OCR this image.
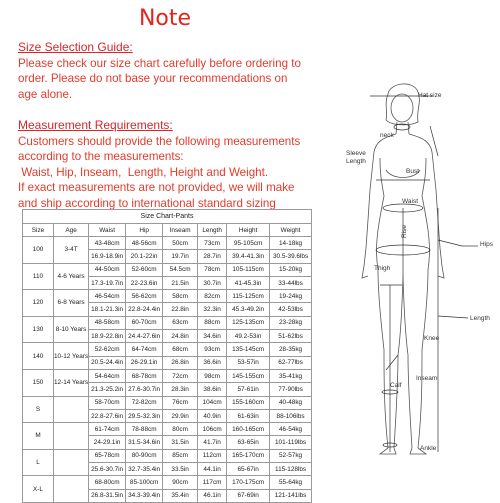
Note

Size Selection Guide:

Please check our size chart carefully before ordering to

order. Please do not base your recommendations on

age alone.

Measurement Requirements:

Customers should provide the following measurements

according to the measurements:

Waist, Hip, Inseam,  Length, Height and Weight.

If exact measurements are not provided, we will make

and ship according to international standard sizing

Size Chart-Pants
Size	Age	Waist	Hip	Inseam	Length	Height	Weight
100	3-4T	43-48cm	48-56cm	50cm	73cm	95-105cm	14-18kg
		16.9-18.9in	20.1-22in	19.7in	28.7in	39.4-41.3in	30.5-39.6lbs
110	4-6 Years	44-50cm	52-60cm	54.5cm	78cm	105-115cm	15-20kg
		17.3-19.7in	22-23.6in	21.5in	30.7in	41-45.3in	33-44lbs
120	6-8 Years	46-54cm	56-62cm	58cm	82cm	115-125cm	19-24kg
		18.1-21.3in	22.8-24.4in	22.8in	32.3in	45.3-49.2in	42-53lbs
130	8-10 Years	48-58cm	60-70cm	63cm	88cm	125-135cm	23-28kg
		18.9-22.8in	24.4-27.6in	24.8in	34.6in	49.2-53in	51-62lbs
140	10-12 Years	52-62cm	64-74cm	68cm	93cm	135-145cm	28-35kg
		20.5-24.4in	26-29.1in	26.8in	36.6in	53-57in	62-77lbs
150	12-14 Years	54-64cm	68-78cm	72cm	98cm	145-155cm	35-41kg
		21.3-25.2in	27.6-30.7in	28.3in	38.6in	57-61in	77-90lbs
S		58-70cm	72-82cm	76cm	104cm	155-160cm	40-48kg
		22.8-27.6in	29.5-32.3in	29.9in	40.9in	61-63in	88-106lbs
M		61-74cm	78-88cm	80cm	106cm	160-165cm	46-54kg
		24-29.1in	31.5-34.6in	31.5in	41.7in	63-65in	101-119lbs
L		65-78cm	80-90cm	85cm	112cm	165-170cm	52-57kg
		25.6-30.7in	32.7-35.4in	33.5in	44.1in	65-67in	115-128lbs
X-L		68-80cm	85-100cm	90cm	117cm	170-175cm	55-64kg
		26.8-31.5in	34.3-39.4in	35.4in	46.1in	67-69in	121-141lbs
Hat size
neck
Sleeve
Length
Bust
Waist
Rise
Hips
Thigh
Length
Knee
Inseam
Calf
Ankle
